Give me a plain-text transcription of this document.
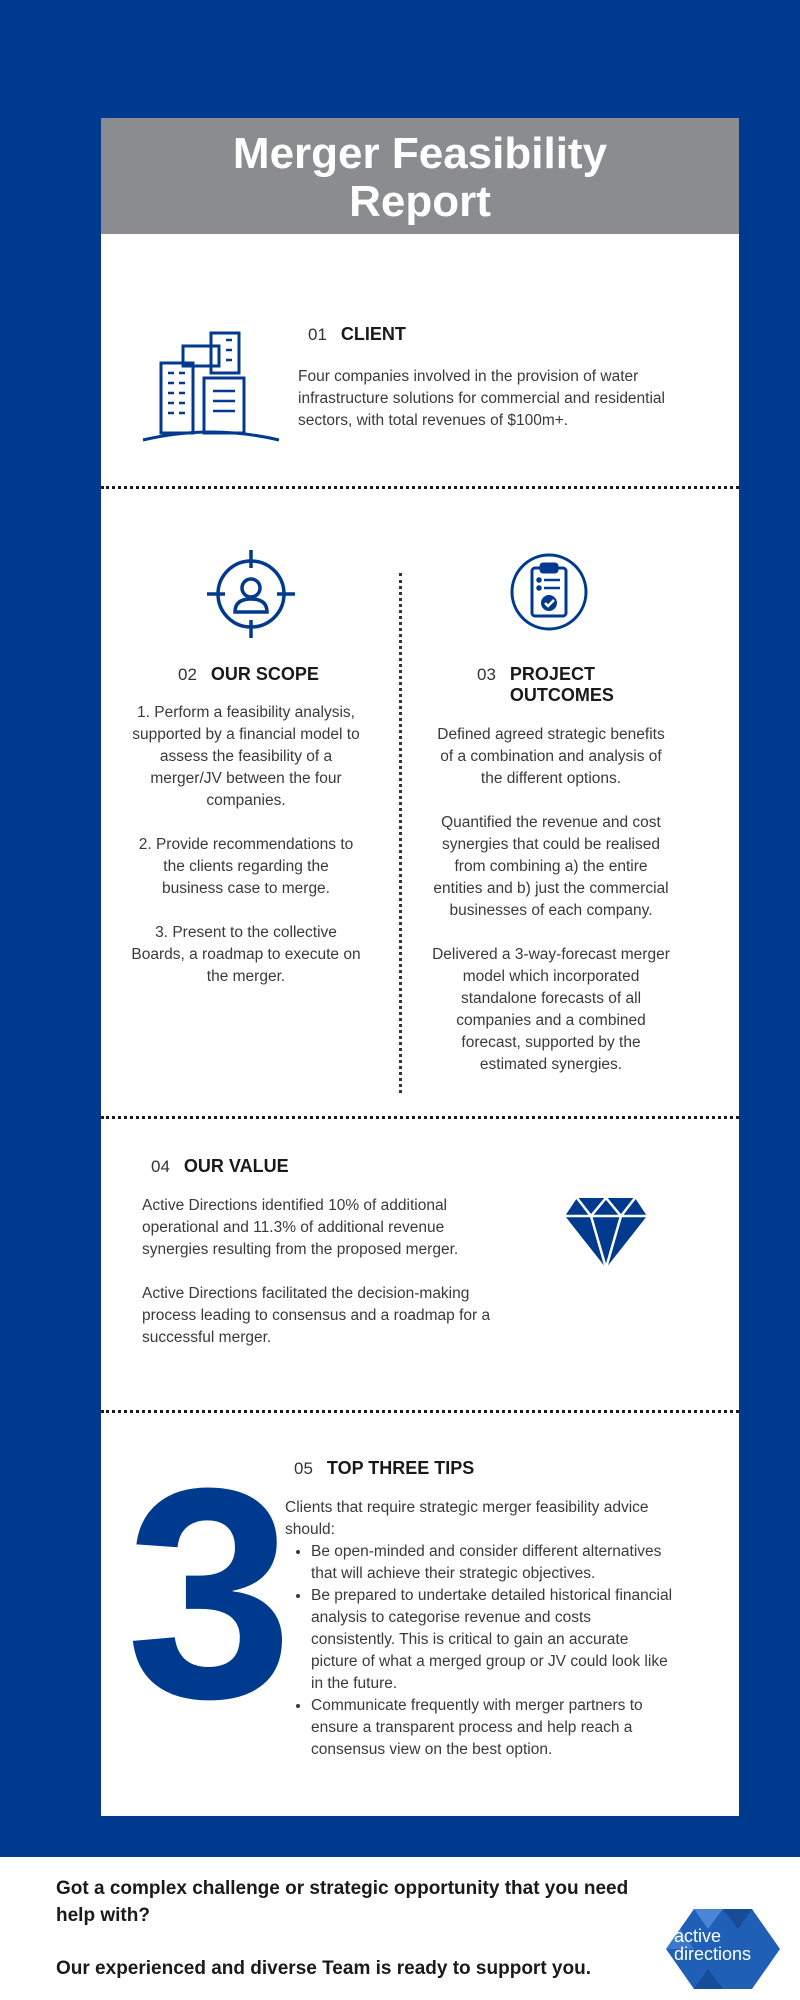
Merger Feasibility
Report
01 CLIENT
Four companies involved in the provision of water infrastructure solutions for commercial and residential sectors, with total revenues of $100m+.
02 OUR SCOPE
1. Perform a feasibility analysis, supported by a financial model to assess the feasibility of a merger/JV between the four companies.
2. Provide recommendations to the clients regarding the business case to merge.
3. Present to the collective Boards, a roadmap to execute on the merger.
03	PROJECT OUTCOMES
Defined agreed strategic benefits of a combination and analysis of the different options.
Quantified the revenue and cost synergies that could be realised from combining a) the entire entities and b) just the commercial businesses of each company.
Delivered a 3-way-forecast merger model which incorporated standalone forecasts of all companies and a combined forecast, supported by the estimated synergies.
04 OUR VALUE
Active Directions identified 10% of additional operational and 11.3% of additional revenue synergies resulting from the proposed merger.
Active Directions facilitated the decision-making process leading to consensus and a roadmap for a successful merger.
3 05 TOP THREE TIPS
Clients that require strategic merger feasibility advice should:
• Be open-minded and consider different alternatives that will achieve their strategic objectives.
• Be prepared to undertake detailed historical financial analysis to categorise revenue and costs consistently. This is critical to gain an accurate picture of what a merged group or JV could look like in the future.
• Communicate frequently with merger partners to ensure a transparent process and help reach a consensus view on the best option.
Got a complex challenge or strategic opportunity that you need help with?
Our experienced and diverse Team is ready to support you.
active
directions
